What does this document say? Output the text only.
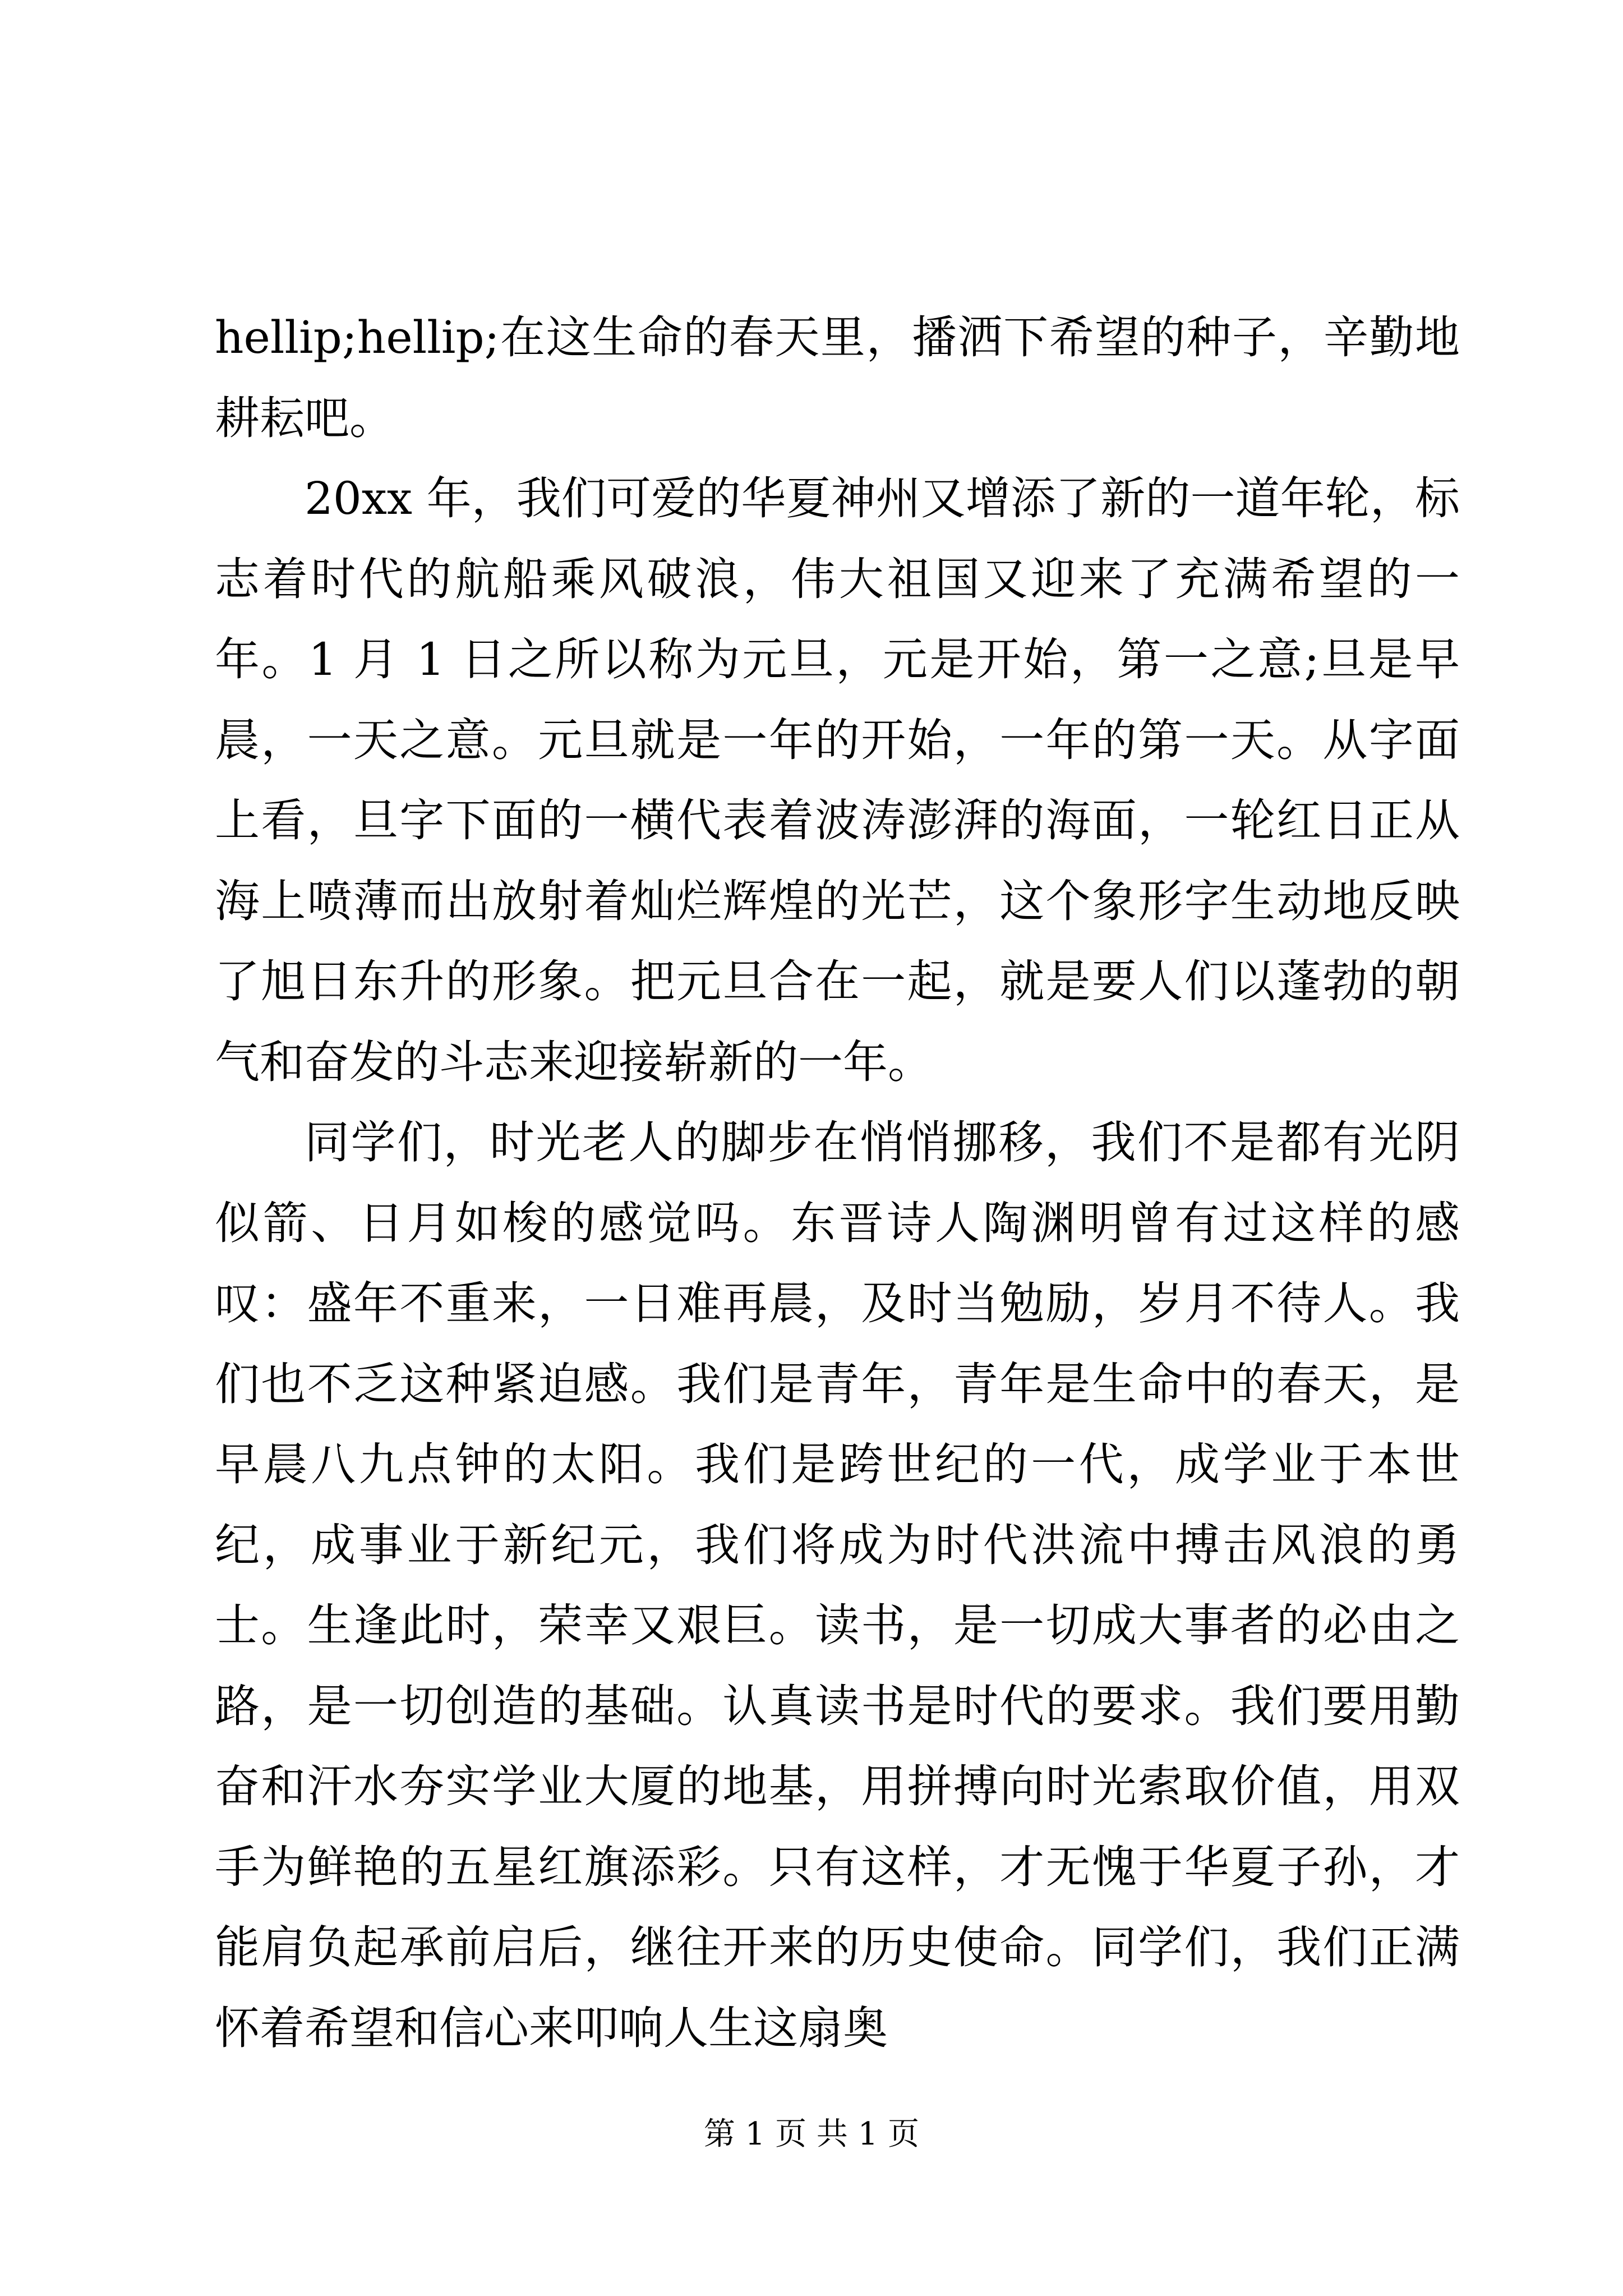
hellip;hellip;在这生命的春天里，播洒下希望的种子，辛勤地耕耘吧。

20xx 年，我们可爱的华夏神州又增添了新的一道年轮，标志着时代的航船乘风破浪，伟大祖国又迎来了充满希望的一年。1 月 1 日之所以称为元旦，元是开始，第一之意;旦是早晨，一天之意。元旦就是一年的开始，一年的第一天。从字面上看，旦字下面的一横代表着波涛澎湃的海面，一轮红日正从海上喷薄而出放射着灿烂辉煌的光芒，这个象形字生动地反映了旭日东升的形象。把元旦合在一起，就是要人们以蓬勃的朝气和奋发的斗志来迎接崭新的一年。

同学们，时光老人的脚步在悄悄挪移，我们不是都有光阴似箭、日月如梭的感觉吗。东晋诗人陶渊明曾有过这样的感叹：盛年不重来，一日难再晨，及时当勉励，岁月不待人。我们也不乏这种紧迫感。我们是青年，青年是生命中的春天，是早晨八九点钟的太阳。我们是跨世纪的一代，成学业于本世纪，成事业于新纪元，我们将成为时代洪流中搏击风浪的勇士。生逢此时，荣幸又艰巨。读书，是一切成大事者的必由之路，是一切创造的基础。认真读书是时代的要求。我们要用勤奋和汗水夯实学业大厦的地基，用拼搏向时光索取价值，用双手为鲜艳的五星红旗添彩。只有这样，才无愧于华夏子孙，才能肩负起承前启后，继往开来的历史使命。同学们，我们正满怀着希望和信心来叩响人生这扇奥

第 1 页 共 1 页
